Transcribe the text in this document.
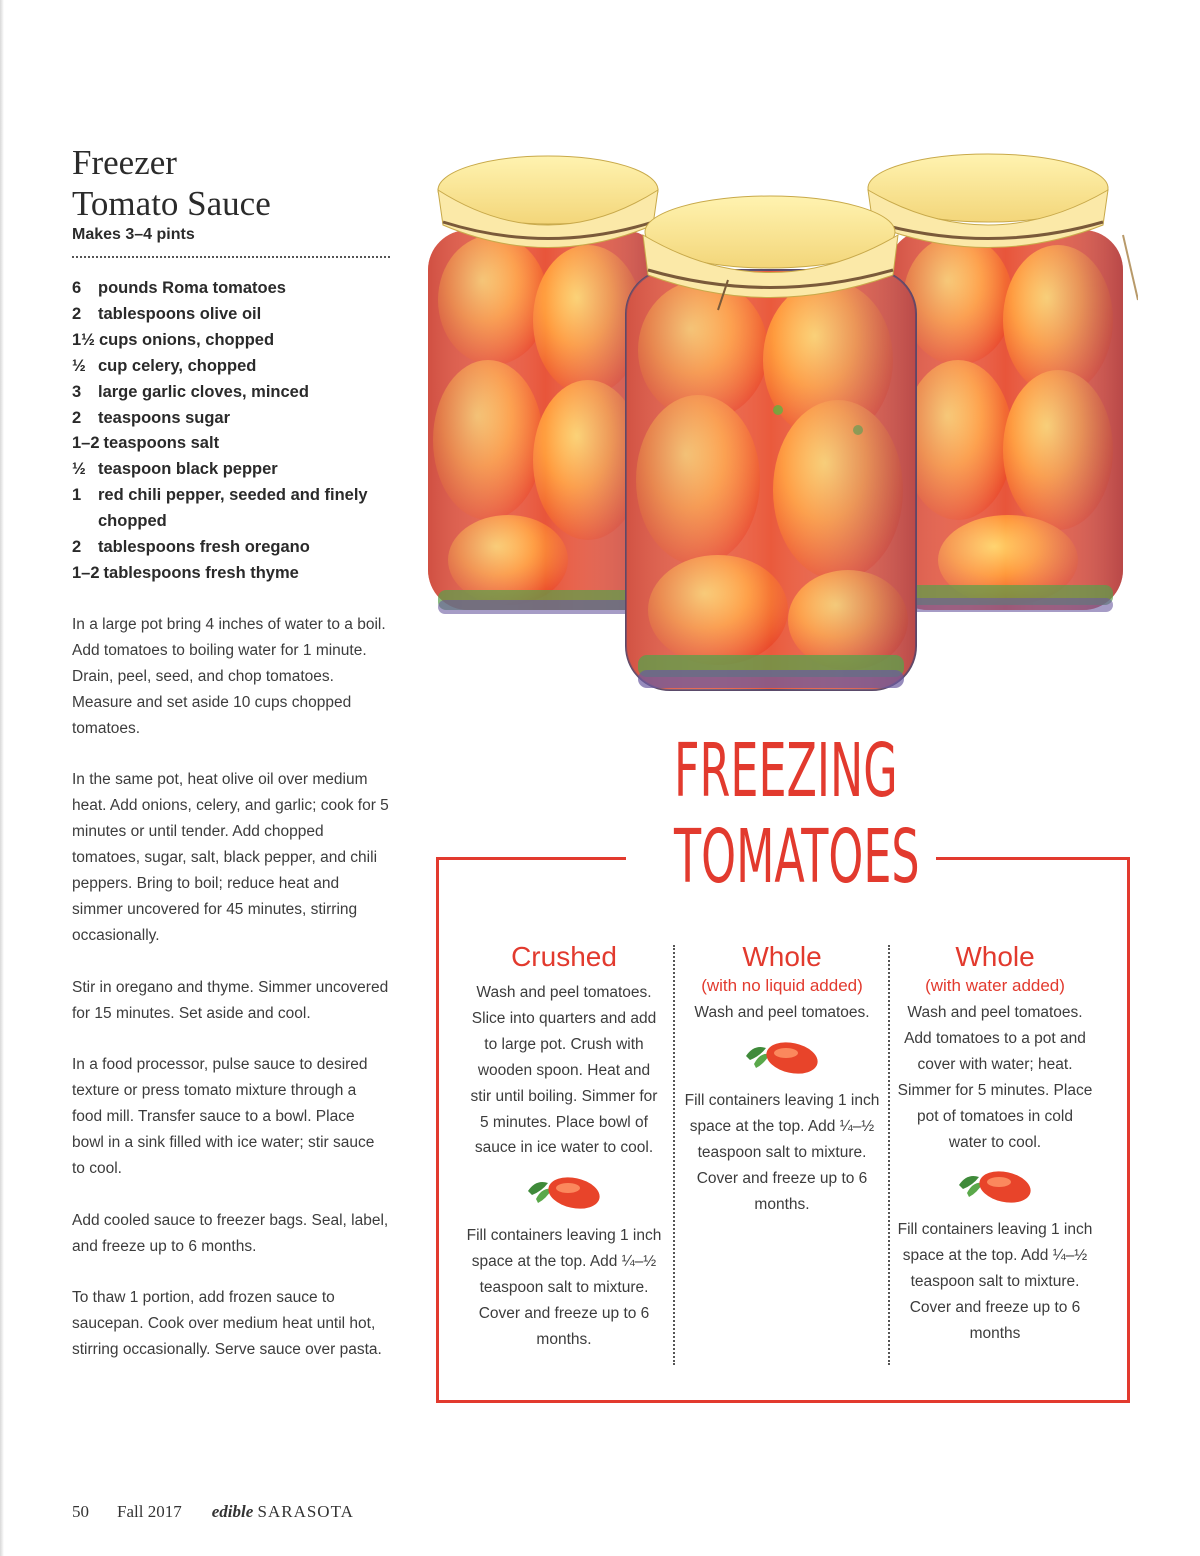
Freezer
Tomato Sauce
Makes 3–4 pints
6	pounds Roma tomatoes
2	tablespoons olive oil
1½ cups onions, chopped
½ cup celery, chopped
3	large garlic cloves, minced
2	teaspoons sugar
1–2 teaspoons salt
½ teaspoon black pepper
1	red chili pepper, seeded and finely chopped
2	tablespoons fresh oregano
1–2 tablespoons fresh thyme

In a large pot bring 4 inches of water to a boil. Add tomatoes to boiling water for 1 minute. Drain, peel, seed, and chop tomatoes. Measure and set aside 10 cups chopped tomatoes.

In the same pot, heat olive oil over medium heat. Add onions, celery, and garlic; cook for 5 minutes or until tender. Add chopped tomatoes, sugar, salt, black pepper, and chili peppers. Bring to boil; reduce heat and simmer uncovered for 45 minutes, stirring occasionally.

Stir in oregano and thyme. Simmer uncovered for 15 minutes. Set aside and cool.

In a food processor, pulse sauce to desired texture or press tomato mixture through a food mill. Transfer sauce to a bowl. Place bowl in a sink filled with ice water; stir sauce to cool.

Add cooled sauce to freezer bags. Seal, label, and freeze up to 6 months.

To thaw 1 portion, add frozen sauce to saucepan. Cook over medium heat until hot, stirring occasionally. Serve sauce over pasta.

50 Fall 2017 edible SARASOTA
FREEZING
TOMATOES
Crushed

Wash and peel tomatoes. Slice into quarters and add to large pot. Crush with wooden spoon. Heat and stir until boiling. Simmer for 5 minutes. Place bowl of sauce in ice water to cool.

Fill containers leaving 1 inch space at the top. Add ¼–½ teaspoon salt to mixture. Cover and freeze up to 6 months.

Whole

(with no liquid added)

Wash and peel tomatoes.

Fill containers leaving 1 inch space at the top. Add ¼–½ teaspoon salt to mixture. Cover and freeze up to 6 months.

Whole

(with water added)

Wash and peel tomatoes. Add tomatoes to a pot and cover with water; heat. Simmer for 5 minutes. Place pot of tomatoes in cold water to cool.

Fill containers leaving 1 inch space at the top. Add ¼–½ teaspoon salt to mixture. Cover and freeze up to 6 months
